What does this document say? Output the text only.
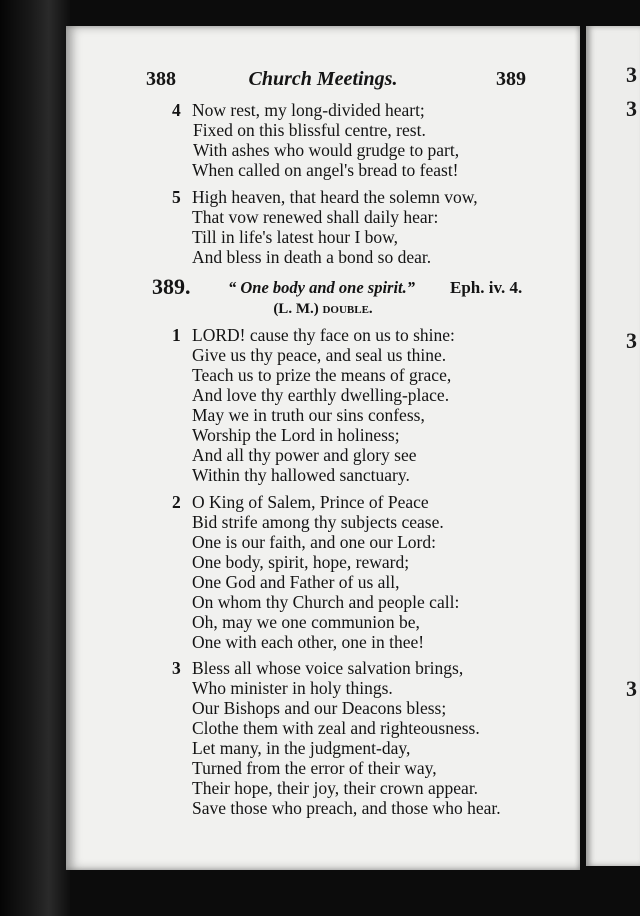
388	Church Meetings.	389
4 Now rest, my long-divided heart;
Fixed on this blissful centre, rest.
With ashes who would grudge to part,
When called on angel's bread to feast!
5 High heaven, that heard the solemn vow,
That vow renewed shall daily hear:
Till in life's latest hour I bow,
And bless in death a bond so dear.
389. “ One body and one spirit.” Eph. iv. 4.
(L. M.) double.
1 LORD! cause thy face on us to shine:
Give us thy peace, and seal us thine.
Teach us to prize the means of grace,
And love thy earthly dwelling-place.
May we in truth our sins confess,
Worship the Lord in holiness;
And all thy power and glory see
Within thy hallowed sanctuary.
2 O King of Salem, Prince of Peace
Bid strife among thy subjects cease.
One is our faith, and one our Lord:
One body, spirit, hope, reward;
One God and Father of us all,
On whom thy Church and people call:
Oh, may we one communion be,
One with each other, one in thee!
3 Bless all whose voice salvation brings,
Who minister in holy things.
Our Bishops and our Deacons bless;
Clothe them with zeal and righteousness.
Let many, in the judgment-day,
Turned from the error of their way,
Their hope, their joy, their crown appear.
Save those who preach, and those who hear.
3
3
3
3
